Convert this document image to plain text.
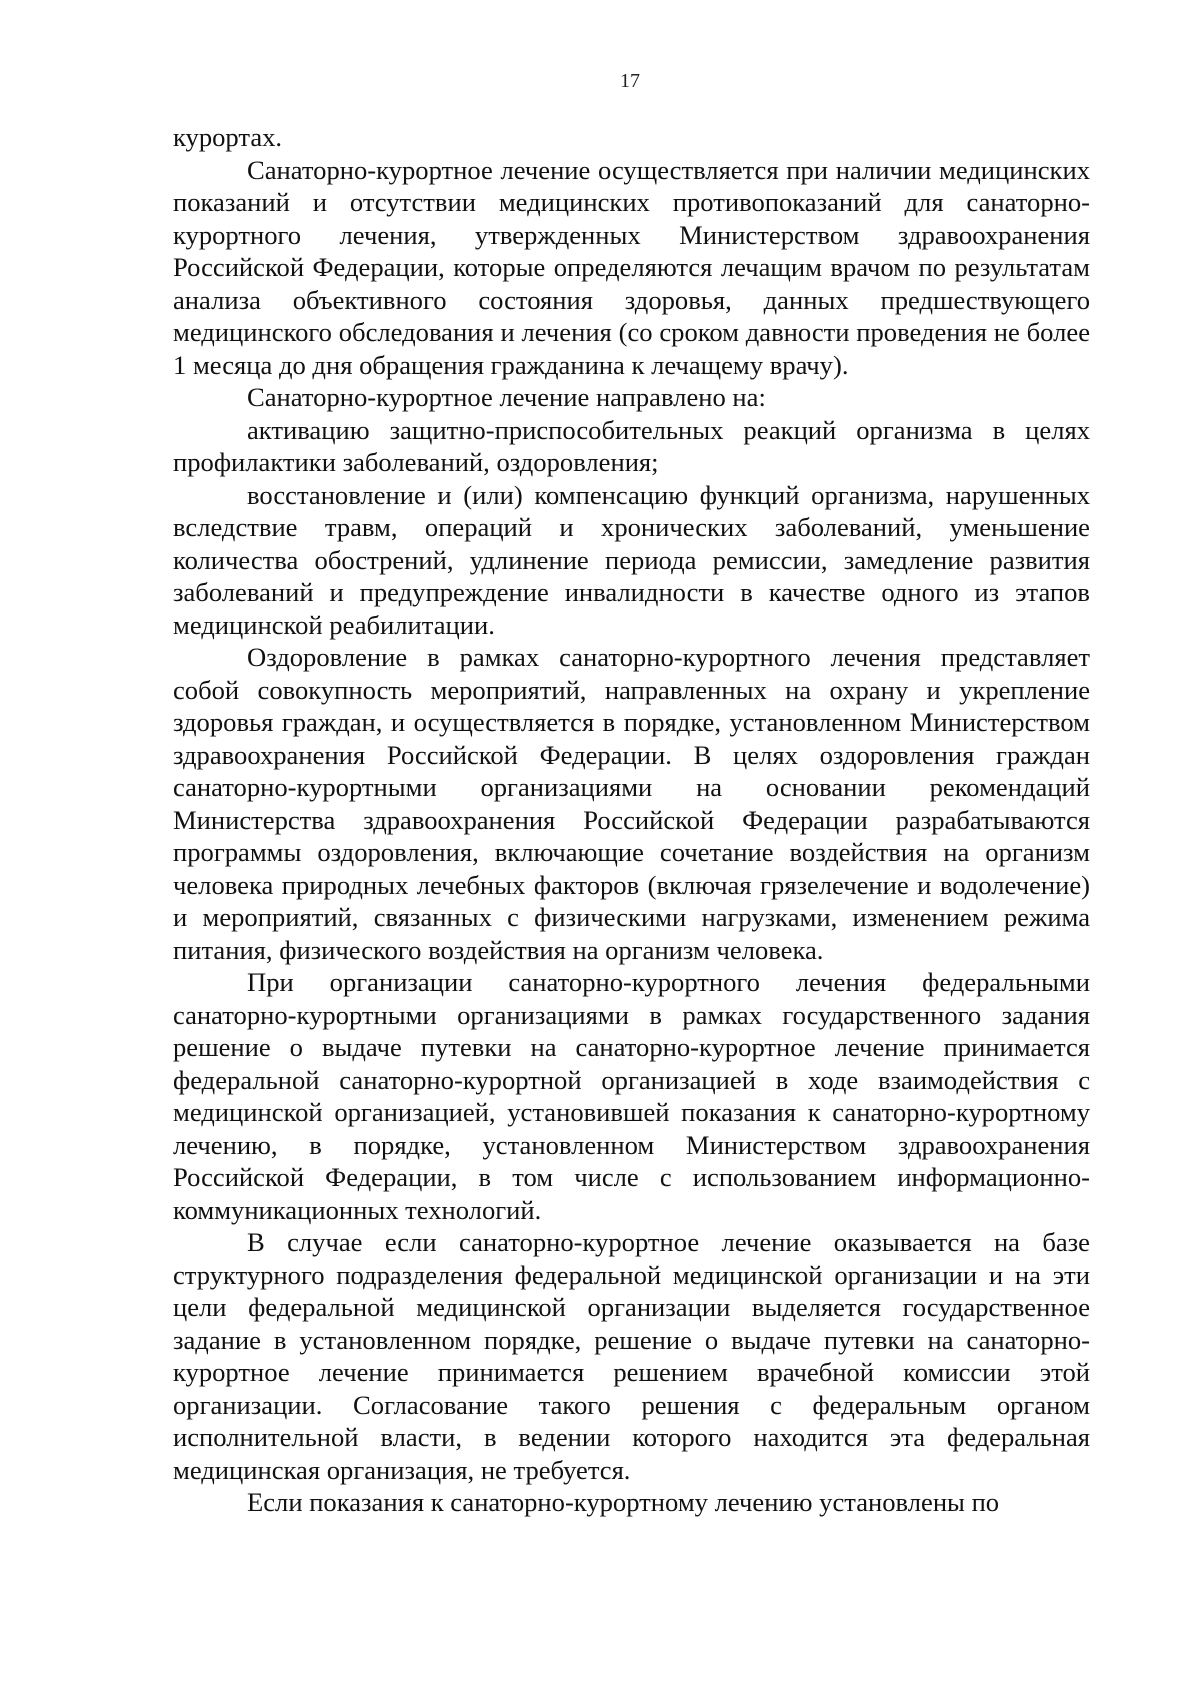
17

курортах.

Санаторно-курортное лечение осуществляется при наличии медицинских показаний и отсутствии медицинских противопоказаний для санаторно-курортного лечения, утвержденных Министерством здравоохранения Российской Федерации, которые определяются лечащим врачом по результатам анализа объективного состояния здоровья, данных предшествующего медицинского обследования и лечения (со сроком давности проведения не более 1 месяца до дня обращения гражданина к лечащему врачу).

Санаторно-курортное лечение направлено на:

активацию защитно-приспособительных реакций организма в целях профилактики заболеваний, оздоровления;

восстановление и (или) компенсацию функций организма, нарушенных вследствие травм, операций и хронических заболеваний, уменьшение количества обострений, удлинение периода ремиссии, замедление развития заболеваний и предупреждение инвалидности в качестве одного из этапов медицинской реабилитации.

Оздоровление в рамках санаторно-курортного лечения представляет собой совокупность мероприятий, направленных на охрану и укрепление здоровья граждан, и осуществляется в порядке, установленном Министерством здравоохранения Российской Федерации. В целях оздоровления граждан санаторно-курортными организациями на основании рекомендаций Министерства здравоохранения Российской Федерации разрабатываются программы оздоровления, включающие сочетание воздействия на организм человека природных лечебных факторов (включая грязелечение и водолечение) и мероприятий, связанных с физическими нагрузками, изменением режима питания, физического воздействия на организм человека.

При организации санаторно-курортного лечения федеральными санаторно-курортными организациями в рамках государственного задания решение о выдаче путевки на санаторно-курортное лечение принимается федеральной санаторно-курортной организацией в ходе взаимодействия с медицинской организацией, установившей показания к санаторно-курортному лечению, в порядке, установленном Министерством здравоохранения Российской Федерации, в том числе с использованием информационно-коммуникационных технологий.

В случае если санаторно-курортное лечение оказывается на базе структурного подразделения федеральной медицинской организации и на эти цели федеральной медицинской организации выделяется государственное задание в установленном порядке, решение о выдаче путевки на санаторно-курортное лечение принимается решением врачебной комиссии этой организации. Согласование такого решения с федеральным органом исполнительной власти, в ведении которого находится эта федеральная медицинская организация, не требуется.

Если показания к санаторно-курортному лечению установлены по
